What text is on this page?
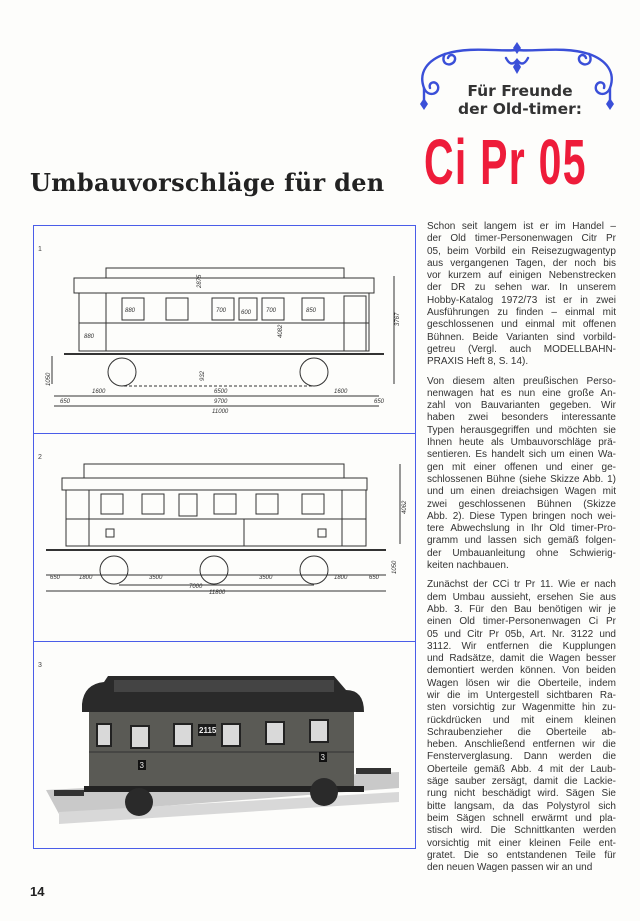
Für Freunde
der Old-timer:
Umbauvorschläge für den Ci Pr 05
1
880	700 600 700	850
880
2875
4082
3767
1050	932
1600	6500	1600
650	9700	650
11000
2
650	1800	3500	3500	1800	650
7000
11800
4062
1050
3
2115
3
3
Schon seit langem ist er im Handel –
der Old timer-Personenwagen Citr Pr
05, beim Vorbild ein Reisezugwagentyp
aus vergangenen Tagen, der noch bis
vor kurzem auf einigen Nebenstrecken
der DR zu sehen war. In unserem
Hobby-Katalog 1972/73 ist er in zwei
Ausführungen zu finden – einmal mit
geschlossenen und einmal mit offenen
Bühnen. Beide Varianten sind vorbild-
getreu (Vergl. auch MODELLBAHN-
PRAXIS Heft 8, S. 14).
Von diesem alten preußischen Perso-
nenwagen hat es nun eine große An-
zahl von Bauvarianten gegeben. Wir
haben zwei besonders interessante
Typen herausgegriffen und möchten sie
Ihnen heute als Umbauvorschläge prä-
sentieren. Es handelt sich um einen Wa-
gen mit einer offenen und einer ge-
schlossenen Bühne (siehe Skizze Abb. 1)
und um einen dreiachsigen Wagen mit
zwei geschlossenen Bühnen (Skizze
Abb. 2). Diese Typen bringen noch wei-
tere Abwechslung in Ihr Old timer-Pro-
gramm und lassen sich gemäß folgen-
der Umbauanleitung ohne Schwierig-
keiten nachbauen.
Zunächst der CCi tr Pr 11. Wie er nach
dem Umbau aussieht, ersehen Sie aus
Abb. 3. Für den Bau benötigen wir je
einen Old timer-Personenwagen Ci Pr
05 und Citr Pr 05b, Art. Nr. 3122 und
3112. Wir entfernen die Kupplungen
und Radsätze, damit die Wagen besser
demontiert werden können. Von beiden
Wagen lösen wir die Oberteile, indem
wir die im Untergestell sichtbaren Ra-
sten vorsichtig zur Wagenmitte hin zu-
rückdrücken und mit einem kleinen
Schraubenzieher die Oberteile ab-
heben. Anschließend entfernen wir die
Fensterverglasung. Dann werden die
Oberteile gemäß Abb. 4 mit der Laub-
säge sauber zersägt, damit die Lackie-
rung nicht beschädigt wird. Sägen Sie
bitte langsam, da das Polystyrol sich
beim Sägen schnell erwärmt und pla-
stisch wird. Die Schnittkanten werden
vorsichtig mit einer kleinen Feile ent-
gratet. Die so entstandenen Teile für
den neuen Wagen passen wir an und
14
